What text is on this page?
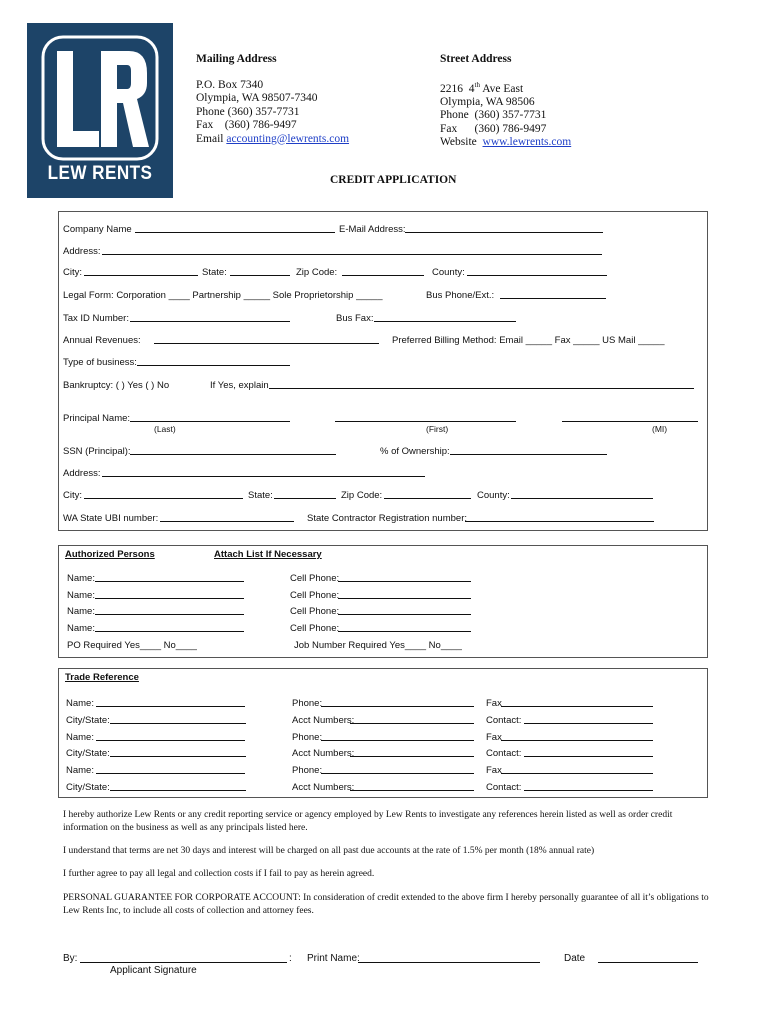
LEW RENTS
Mailing Address
P.O. Box 7340
Olympia, WA 98507-7340
Phone (360) 357-7731
Fax    (360) 786-9497
Email accounting@lewrents.com
Street Address
2216  4th Ave East
Olympia, WA 98506
Phone  (360) 357-7731
Fax      (360) 786-9497
Website  www.lewrents.com
CREDIT APPLICATION
Company Name	E-Mail Address:
Address:
City:	State:	Zip Code:	County:
Legal Form: Corporation ____ Partnership _____ Sole Proprietorship _____	Bus Phone/Ext.:
Tax ID Number:	Bus Fax:
Annual Revenues:	Preferred Billing Method: Email _____ Fax _____ US Mail _____
Type of business:
Bankruptcy: ( ) Yes ( ) No	If Yes, explain
Principal Name:
(Last)	(First)	(MI)
SSN (Principal):	% of Ownership:
Address:
City:	State:	Zip Code:	County:
WA State UBI number:	State Contractor Registration number:
Authorized Persons	Attach List If Necessary
Name:	Cell Phone:
Name:	Cell Phone:
Name:	Cell Phone:
Name:	Cell Phone:
PO Required Yes____ No____	Job Number Required Yes____ No____
Trade Reference
Name:	Phone:	Fax
City/State:	Acct Numbers:	Contact:
Name:	Phone:	Fax
City/State:	Acct Numbers:	Contact:
Name:	Phone:	Fax
City/State:	Acct Numbers:	Contact:
I hereby authorize Lew Rents or any credit reporting service or agency employed by Lew Rents to investigate any references herein listed as well as order credit information on the business as well as any principals listed here.
I understand that terms are net 30 days and interest will be charged on all past due accounts at the rate of 1.5% per month (18% annual rate)
I further agree to pay all legal and collection costs if I fail to pay as herein agreed.
PERSONAL GUARANTEE FOR CORPORATE ACCOUNT: In consideration of credit extended to the above firm I hereby personally guarantee of all it’s obligations to Lew Rents Inc, to include all costs of collection and attorney fees.
By:	: Print Name:	Date
Applicant Signature
